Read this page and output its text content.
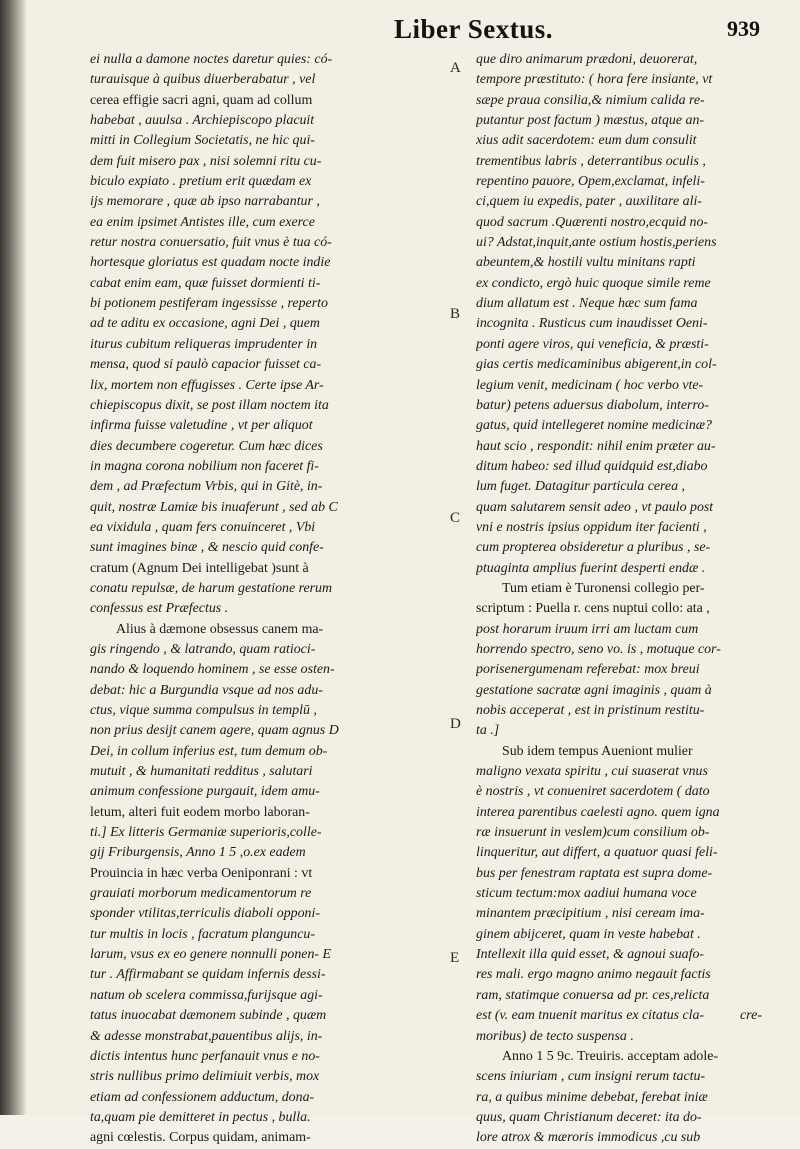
Liber Sextus.	939
ei nulla a damone noctes daretur quies: có-
turauisque à quibus diuerberabatur , vel
cerea effigie sacri agni, quam ad collum
habebat , auulsa . Archiepiscopo placuit
mitti in Collegium Societatis, ne hic qui-
dem fuit misero pax , nisi solemni ritu cu-
biculo expiato . pretium erit quædam ex
ijs memorare , quæ ab ipso narrabantur ,
ea enim ipsimet Antistes ille, cum exerce
retur nostra conuersatio, fuit vnus è tua có-
hortesque gloriatus est quadam nocte indie
cabat enim eam, quæ fuisset dormienti ti-
bi potionem pestiferam ingessisse , reperto
ad te aditu ex occasione, agni Dei , quem
iturus cubitum reliqueras imprudenter in
mensa, quod si paulò capacior fuisset ca-
lix, mortem non effugisses . Certe ipse Ar-
chiepiscopus dixit, se post illam noctem ita
infirma fuisse valetudine , vt per aliquot
dies decumbere cogeretur. Cum hæc dices
in magna corona nobilium non faceret fi-
dem , ad Præfectum Vrbis, qui in Gitè, in-
quit, nostræ Lamiæ bis inuaferunt , sed ab C
ea vixidula , quam fers conuinceret , Vbi
sunt imagines binæ , & nescio quid confe-
cratum (Agnum Dei intelligebat )sunt à
conatu repulsæ, de harum gestatione rerum
confessus est Præfectus .
Alius à dæmone obsessus canem ma-
gis ringendo , & latrando, quam ratioci-
nando & loquendo hominem , se esse osten-
debat: hic a Burgundia vsque ad nos adu-
ctus, vique summa compulsus in templū ,
non prius desijt canem agere, quam agnus D
Dei, in collum inferius est, tum demum ob-
mutuit , & humanitati redditus , salutari
animum confessione purgauit, idem amu-
letum, alteri fuit eodem morbo laboran-
ti.] Ex litteris Germaniæ superioris,colle-
gij Friburgensis, Anno 1 5 ,ο.ex eadem
Prouincia in hæc verba Oeniponrani : vt
grauiati morborum medicamentorum re
sponder vtilitas,terriculis diaboli opponi-
tur multis in locis , facratum planguncu-
larum, vsus ex eo genere nonnulli ponen- E
tur . Affirmabant se quidam infernis dessi-
natum ob scelera commissa,furijsque agi-
tatus inuocabat dæmonem subinde , quæm
& adesse monstrabat,pauentibus alijs, in-
dictis intentus hunc perfanauit vnus e no-
stris nullibus primo delimiuit verbis, mox
etiam ad confessionem adductum, dona-
ta,quam pie demitteret in pectus , bulla.
agni cœlestis. Corpus quidam, animam-
A
B
C
D
E
que diro animarum prædoni, deuorerat,
tempore præstituto: ( hora fere insiante, vt
sæpe praua consilia,& nimium calida re-
putantur post factum ) mæstus, atque an-
xius adit sacerdotem: eum dum consulit
trementibus labris , deterrantibus oculis ,
repentino pauore, Opem,exclamat, infeli-
ci,quem iu expedis, pater , auxilitare ali-
quod sacrum .Quærenti nostro,ecquid no-
ui? Adstat,inquit,ante ostium hostis,periens
abeuntem,& hostili vultu minitans rapti
ex condicto, ergò huic quoque simile reme
dium allatum est . Neque hæc sum fama
incognita . Rusticus cum inaudisset Oeni-
ponti agere viros, qui veneficia, & præsti-
gias certis medicaminibus abigerent,in col-
legium venit, medicinam ( hoc verbo vte-
batur) petens aduersus diabolum, interro-
gatus, quid intellegeret nomine medicinæ?
haut scio , respondit: nihil enim præter au-
ditum habeo: sed illud quidquid est,diabo
lum fuget. Datagitur particula cerea ,
quam salutarem sensit adeo , vt paulo post
vni e nostris ipsius oppidum iter facienti ,
cum propterea obsideretur a pluribus , se-
ptuaginta amplius fuerint desperti endæ .
Tum etiam è Turonensi collegio per-
scriptum : Puella r. cens nuptui collo: ata ,
post horarum iruum irri am luctam cum
horrendo spectro, seno vo. is , motuque cor-
porisenergumenam referebat: mox breui
gestatione sacratæ agni imaginis , quam à
nobis acceperat , est in pristinum restitu-
ta .]
Sub idem tempus Aueniont mulier
maligno vexata spiritu , cui suaserat vnus
è nostris , vt conueniret sacerdotem ( dato
interea parentibus caelesti agno. quem igna
ræ insuerunt in veslem)cum consilium ob-
linqueritur, aut differt, a quatuor quasi feli-
bus per fenestram raptata est supra dome-
sticum tectum:mox aadiui humana voce
minantem præcipitium , nisi ceream ima-
ginem abijceret, quam in veste habebat .
Intellexit illa quid esset, & agnoui suafo-
res mali. ergo magno animo negauit factis
ram, statimque conuersa ad pr. ces,relicta
est (v. eam tnuenit maritus ex citatus cla-
moribus) de tecto suspensa .
Anno 1 5 9c. Treuiris. acceptam adole-
scens iniuriam , cum insigni rerum tactu-
ra, a quibus minime debebat, ferebat iniæ
quus, quam Christianum deceret: ita do-
lore atrox & mæroris immodicus ,cu sub
cre-
